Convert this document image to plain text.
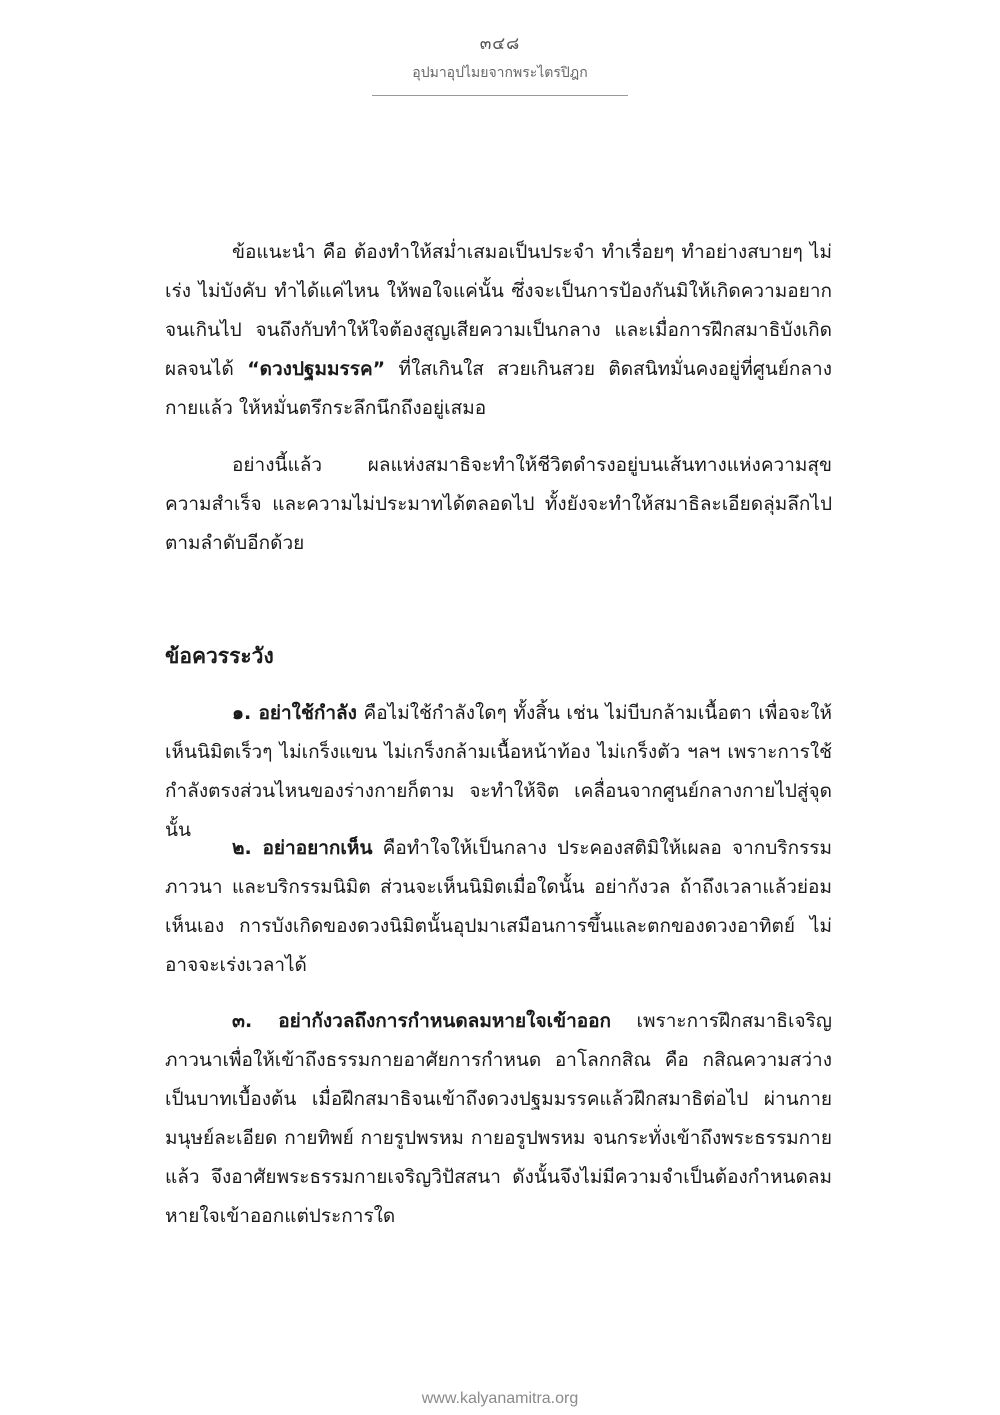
๓๔๘
อุปมาอุปไมยจากพระไตรปิฎก

ข้อแนะนำ คือ ต้องทำให้สม่ำเสมอเป็นประจำ ทำเรื่อยๆ ทำอย่างสบายๆ ไม่เร่ง ไม่บังคับ ทำได้แค่ไหน ให้พอใจแค่นั้น ซึ่งจะเป็นการป้องกันมิให้เกิดความอยากจนเกินไป จนถึงกับทำให้ใจต้องสูญเสียความเป็นกลาง และเมื่อการฝึกสมาธิบังเกิดผลจนได้ “ดวงปฐมมรรค” ที่ใสเกินใส สวยเกินสวย ติดสนิทมั่นคงอยู่ที่ศูนย์กลางกายแล้ว ให้หมั่นตรึกระลึกนึกถึงอยู่เสมอ

อย่างนี้แล้ว ผลแห่งสมาธิจะทำให้ชีวิตดำรงอยู่บนเส้นทางแห่งความสุข ความสำเร็จ และความไม่ประมาทได้ตลอดไป ทั้งยังจะทำให้สมาธิละเอียดลุ่มลึกไปตามลำดับอีกด้วย

ข้อควรระวัง

๑. อย่าใช้กำลัง คือไม่ใช้กำลังใดๆ ทั้งสิ้น เช่น ไม่บีบกล้ามเนื้อตา เพื่อจะให้เห็นนิมิตเร็วๆ ไม่เกร็งแขน ไม่เกร็งกล้ามเนื้อหน้าท้อง ไม่เกร็งตัว ฯลฯ เพราะการใช้กำลังตรงส่วนไหนของร่างกายก็ตาม จะทำให้จิต เคลื่อนจากศูนย์กลางกายไปสู่จุดนั้น

๒. อย่าอยากเห็น คือทำใจให้เป็นกลาง ประคองสติมิให้เผลอ จากบริกรรมภาวนา และบริกรรมนิมิต ส่วนจะเห็นนิมิตเมื่อใดนั้น อย่ากังวล ถ้าถึงเวลาแล้วย่อมเห็นเอง การบังเกิดของดวงนิมิตนั้นอุปมาเสมือนการขึ้นและตกของดวงอาทิตย์ ไม่อาจจะเร่งเวลาได้

๓. อย่ากังวลถึงการกำหนดลมหายใจเข้าออก เพราะการฝึกสมาธิเจริญภาวนาเพื่อให้เข้าถึงธรรมกายอาศัยการกำหนด อาโลกกสิณ คือ กสิณความสว่างเป็นบาทเบื้องต้น เมื่อฝึกสมาธิจนเข้าถึงดวงปฐมมรรคแล้วฝึกสมาธิต่อไป ผ่านกายมนุษย์ละเอียด กายทิพย์ กายรูปพรหม กายอรูปพรหม จนกระทั่งเข้าถึงพระธรรมกายแล้ว จึงอาศัยพระธรรมกายเจริญวิปัสสนา ดังนั้นจึงไม่มีความจำเป็นต้องกำหนดลมหายใจเข้าออกแต่ประการใด

www.kalyanamitra.org
